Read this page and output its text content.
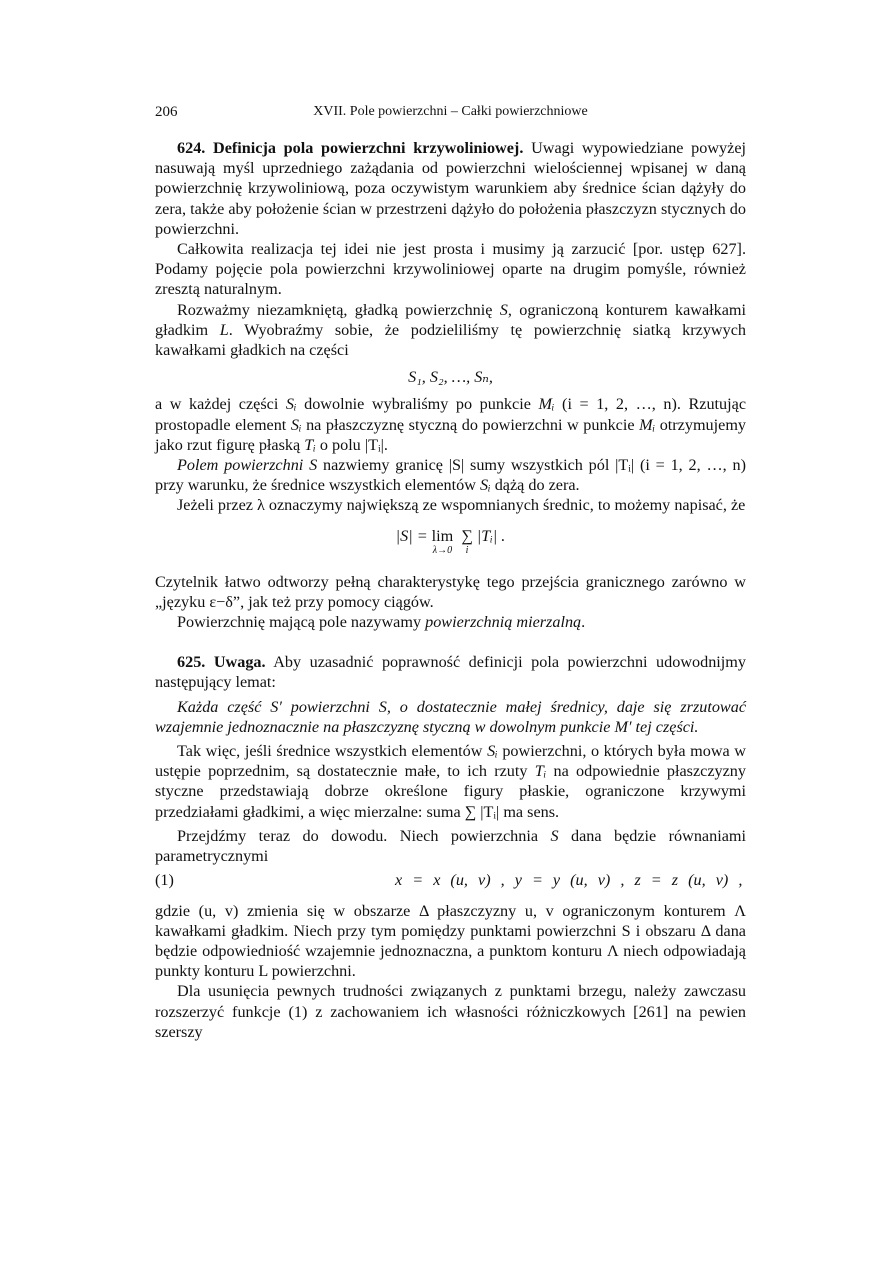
206	XVII. Pole powierzchni – Całki powierzchniowe

624. Definicja pola powierzchni krzywoliniowej. Uwagi wypowiedziane powyżej nasuwają myśl uprzedniego zażądania od powierzchni wielościennej wpisanej w daną powierzchnię krzywoliniową, poza oczywistym warunkiem aby średnice ścian dążyły do zera, także aby położenie ścian w przestrzeni dążyło do położenia płaszczyzn stycznych do powierzchni.

Całkowita realizacja tej idei nie jest prosta i musimy ją zarzucić [por. ustęp 627]. Podamy pojęcie pola powierzchni krzywoliniowej oparte na drugim pomyśle, również zresztą naturalnym.

Rozważmy niezamkniętą, gładką powierzchnię S, ograniczoną konturem kawałkami gładkim L. Wyobraźmy sobie, że podzieliliśmy tę powierzchnię siatką krzywych kawałkami gładkich na części

S₁, S₂, …, Sₙ,

a w każdej części Sᵢ dowolnie wybraliśmy po punkcie Mᵢ (i = 1, 2, …, n). Rzutując prostopadle element Sᵢ na płaszczyznę styczną do powierzchni w punkcie Mᵢ otrzymujemy jako rzut figurę płaską Tᵢ o polu |Tᵢ|.

Polem powierzchni S nazwiemy granicę |S| sumy wszystkich pól |Tᵢ| (i = 1, 2, …, n) przy warunku, że średnice wszystkich elementów Sᵢ dążą do zera.

Jeżeli przez λ oznaczymy największą ze wspomnianych średnic, to możemy napisać, że

|S| = lim
λ→0
∑
i
|Tᵢ| .

Czytelnik łatwo odtworzy pełną charakterystykę tego przejścia granicznego zarówno w „języku ε−δ”, jak też przy pomocy ciągów.

Powierzchnię mającą pole nazywamy powierzchnią mierzalną.

625. Uwaga. Aby uzasadnić poprawność definicji pola powierzchni udowodnijmy następujący lemat:

Każda część S′ powierzchni S, o dostatecznie małej średnicy, daje się zrzutować wzajemnie jednoznacznie na płaszczyznę styczną w dowolnym punkcie M′ tej części.

Tak więc, jeśli średnice wszystkich elementów Sᵢ powierzchni, o których była mowa w ustępie poprzednim, są dostatecznie małe, to ich rzuty Tᵢ na odpowiednie płaszczyzny styczne przedstawiają dobrze określone figury płaskie, ograniczone krzywymi przedziałami gładkimi, a więc mierzalne: suma ∑ |Tᵢ| ma sens.

Przejdźmy teraz do dowodu. Niech powierzchnia S dana będzie równaniami parametrycznymi

(1)	x = x (u, v) , y = y (u, v) , z = z (u, v) ,

gdzie (u, v) zmienia się w obszarze Δ płaszczyzny u, v ograniczonym konturem Λ kawałkami gładkim. Niech przy tym pomiędzy punktami powierzchni S i obszaru Δ dana będzie odpowiedniość wzajemnie jednoznaczna, a punktom konturu Λ niech odpowiadają punkty konturu L powierzchni.

Dla usunięcia pewnych trudności związanych z punktami brzegu, należy zawczasu rozszerzyć funkcje (1) z zachowaniem ich własności różniczkowych [261] na pewien szerszy
